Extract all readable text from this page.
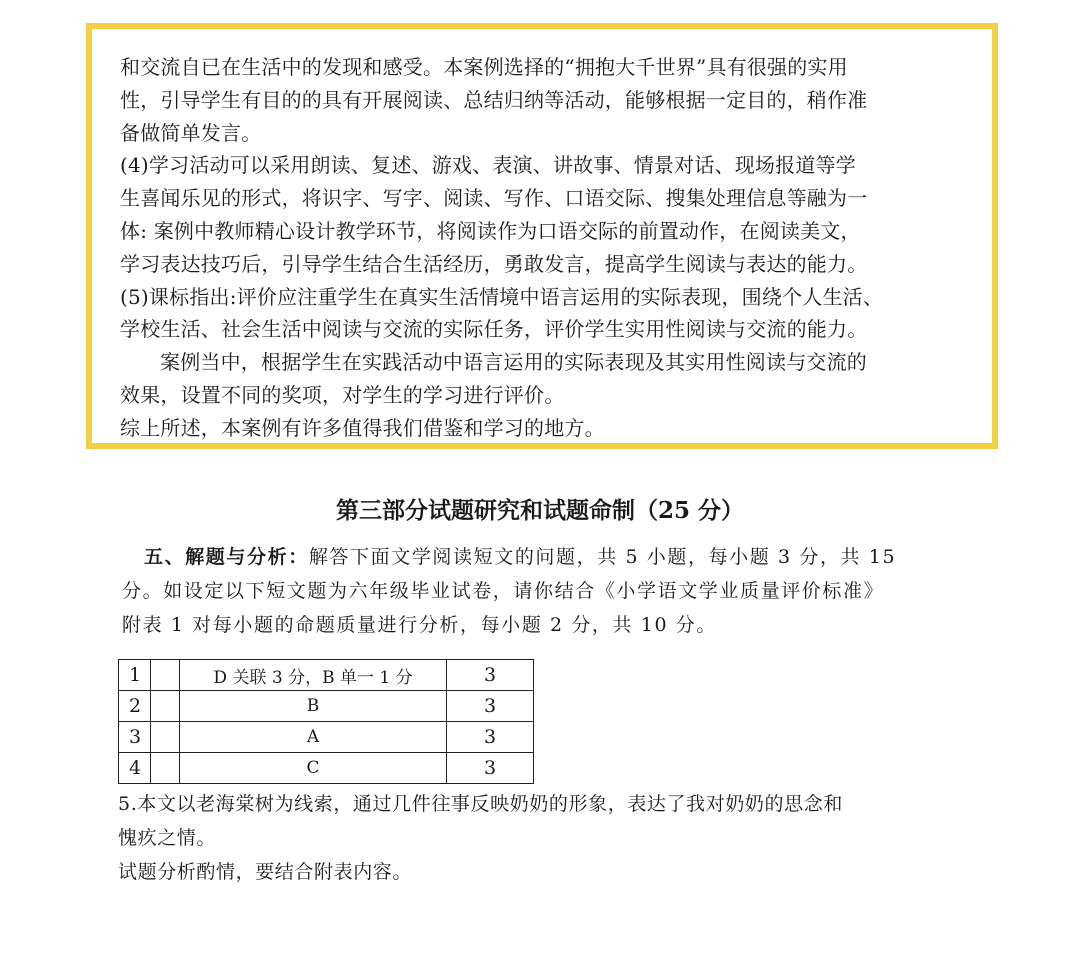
和交流自已在生活中的发现和感受。本案例选择的“拥抱大千世界”具有很强的实用

性，引导学生有目的的具有开展阅读、总结归纳等活动，能够根据一定目的，稍作准

备做简单发言。

(4)学习活动可以采用朗读、复述、游戏、表演、讲故事、情景对话、现场报道等学

生喜闻乐见的形式，将识字、写字、阅读、写作、口语交际、搜集处理信息等融为一

体: 案例中教师精心设计教学环节，将阅读作为口语交际的前置动作，在阅读美文，

学习表达技巧后，引导学生结合生活经历，勇敢发言，提高学生阅读与表达的能力。

(5)课标指出:评价应注重学生在真实生活情境中语言运用的实际表现，围绕个人生活、

学校生活、社会生活中阅读与交流的实际任务，评价学生实用性阅读与交流的能力。

案例当中，根据学生在实践活动中语言运用的实际表现及其实用性阅读与交流的

效果，设置不同的奖项，对学生的学习进行评价。

综上所述，本案例有许多值得我们借鉴和学习的地方。

第三部分试题研究和试题命制（25 分）

五、解题与分析：解答下面文学阅读短文的问题，共 5 小题，每小题 3 分，共 15
分。如设定以下短文题为六年级毕业试卷，请你结合《小学语文学业质量评价标准》
附表 1 对每小题的命题质量进行分析，每小题 2 分，共 10 分。

1		D 关联 3 分，B 单一 1 分	3
2		B	3
3		A	3
4		C	3

5.本文以老海棠树为线索，通过几件往事反映奶奶的形象，表达了我对奶奶的思念和
愧疚之情。
试题分析酌情，要结合附表内容。
